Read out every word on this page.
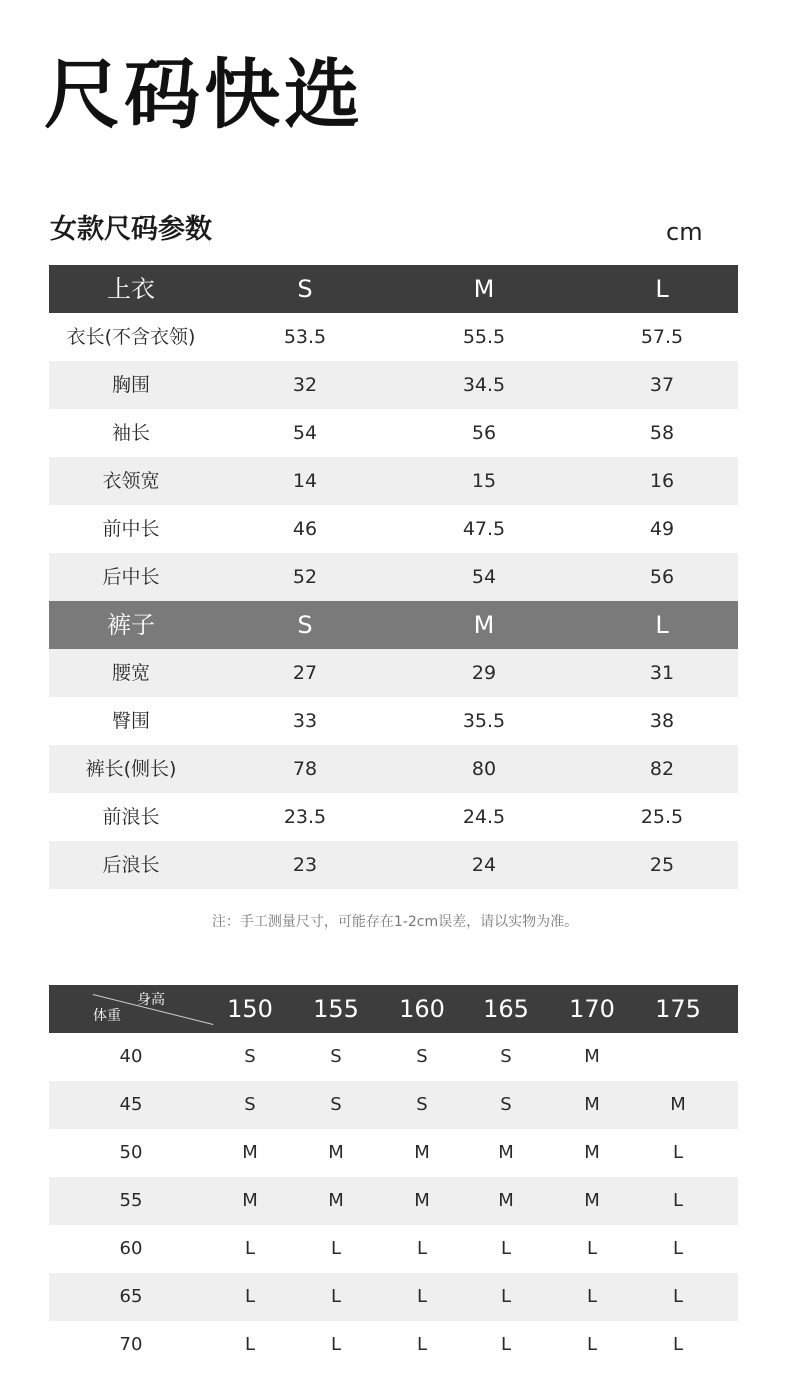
尺码快选
女款尺码参数	cm
上衣	S	M	L
衣长(不含衣领)	53.5	55.5	57.5
胸围	32	34.5	37
袖长	54	56	58
衣领宽	14	15	16
前中长	46	47.5	49
后中长	52	54	56
裤子	S	M	L
腰宽	27	29	31
臀围	33	35.5	38
裤长(侧长)	78	80	82
前浪长	23.5	24.5	25.5
后浪长	23	24	25
注：手工测量尺寸，可能存在1-2cm误差，请以实物为准。
身高
体重	150	155	160	165	170	175
40	S	S	S	S	M
45	S	S	S	S	M	M
50	M	M	M	M	M	L
55	M	M	M	M	M	L
60	L	L	L	L	L	L
65	L	L	L	L	L	L
70	L	L	L	L	L	L
